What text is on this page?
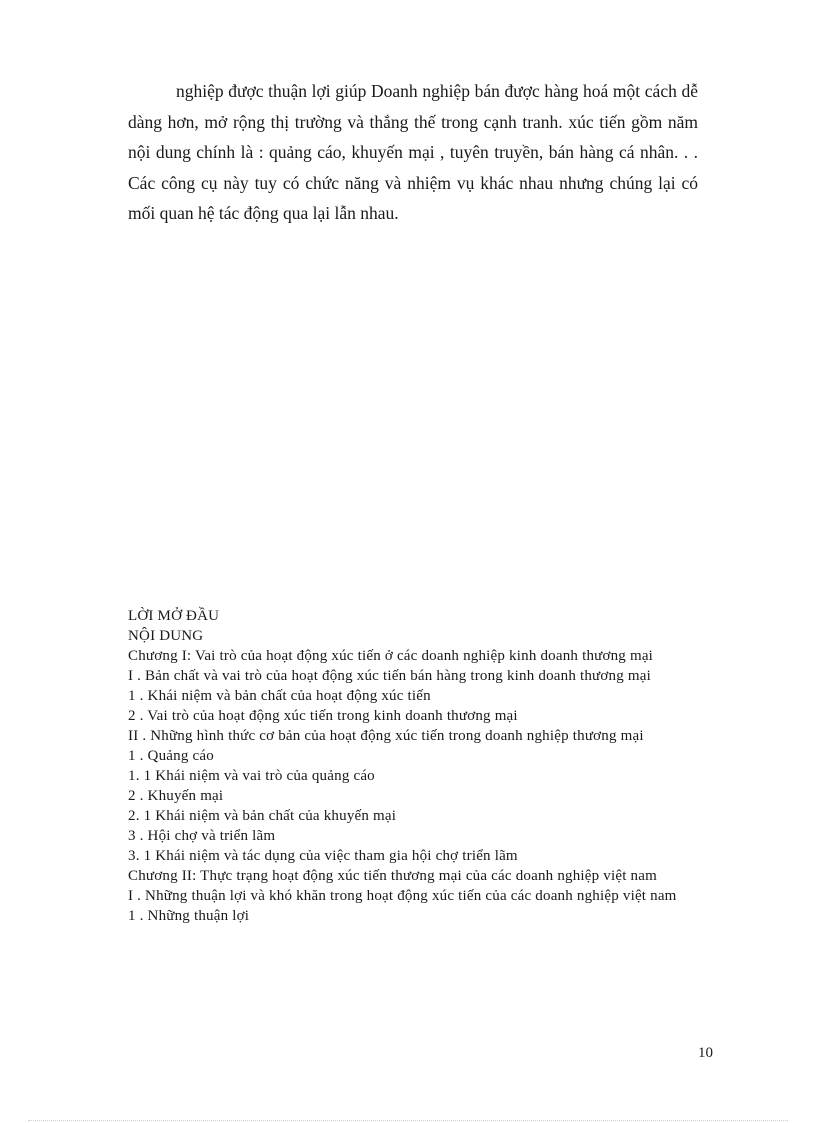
nghiệp được thuận lợi giúp Doanh nghiệp bán được hàng hoá một cách dễ dàng hơn, mở rộng thị trường và thắng thế trong cạnh tranh. xúc tiến gồm năm nội dung chính là : quảng cáo, khuyến mại , tuyên truyền, bán hàng cá nhân. . . Các công cụ này tuy có chức năng và nhiệm vụ khác nhau nhưng chúng lại có mối quan hệ tác động qua lại lẫn nhau.

LỜI MỞ ĐẦU
NỘI DUNG
Chương I: Vai trò của hoạt động xúc tiến ở các doanh nghiệp kinh doanh thương mại
I . Bản chất và vai trò của hoạt động xúc tiến bán hàng trong kinh doanh thương mại
1 . Khái niệm và bản chất của hoạt động xúc tiến
2 . Vai trò của hoạt động xúc tiến trong kinh doanh thương mại
II . Những hình thức cơ bản của hoạt động xúc tiến trong doanh nghiệp thương mại
1 . Quảng cáo
1. 1 Khái niệm và vai trò của quảng cáo
2 . Khuyến mại
2. 1 Khái niệm và bản chất của khuyến mại
3 . Hội chợ và triển lãm
3. 1 Khái niệm và tác dụng của việc tham gia hội chợ triển lãm
Chương II: Thực trạng hoạt động xúc tiến thương mại của các doanh nghiệp việt nam
I . Những thuận lợi và khó khăn trong hoạt động xúc tiến của các doanh nghiệp việt nam
1 . Những thuận lợi
10
